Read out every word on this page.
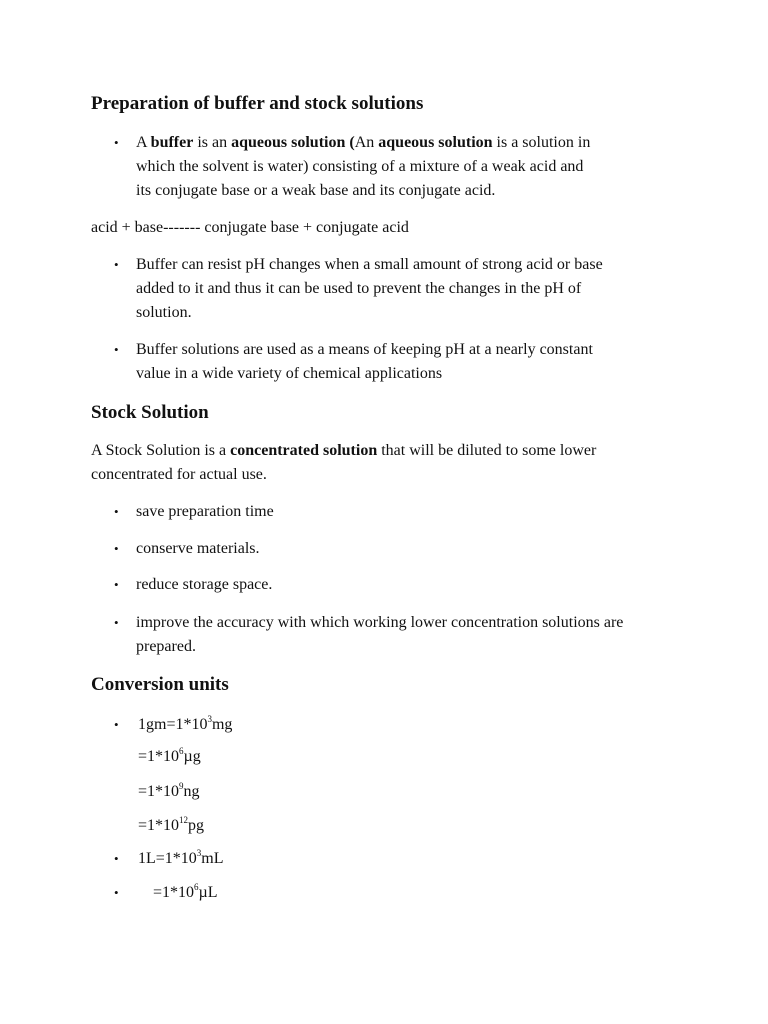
Preparation of buffer and stock solutions
• A buffer is an aqueous solution (An aqueous solution is a solution in
which the solvent is water) consisting of a mixture of a weak acid and
its conjugate base or a weak base and its conjugate acid.
acid + base------- conjugate base + conjugate acid
• Buffer can resist pH changes when a small amount of strong acid or base
added to it and thus it can be used to prevent the changes in the pH of
solution.
• Buffer solutions are used as a means of keeping pH at a nearly constant
value in a wide variety of chemical applications
Stock Solution
A Stock Solution is a concentrated solution that will be diluted to some lower
concentrated for actual use.
• save preparation time
• conserve materials.
• reduce storage space.
• improve the accuracy with which working lower concentration solutions are
prepared.
Conversion units
• $1gm=1*10^3mg$
$=1*10^6\mu g$
$=1*10^9ng$
$=1*10^{12}pg$
• $1L=1*10^3mL$
• $=1*10^6\mu L$
